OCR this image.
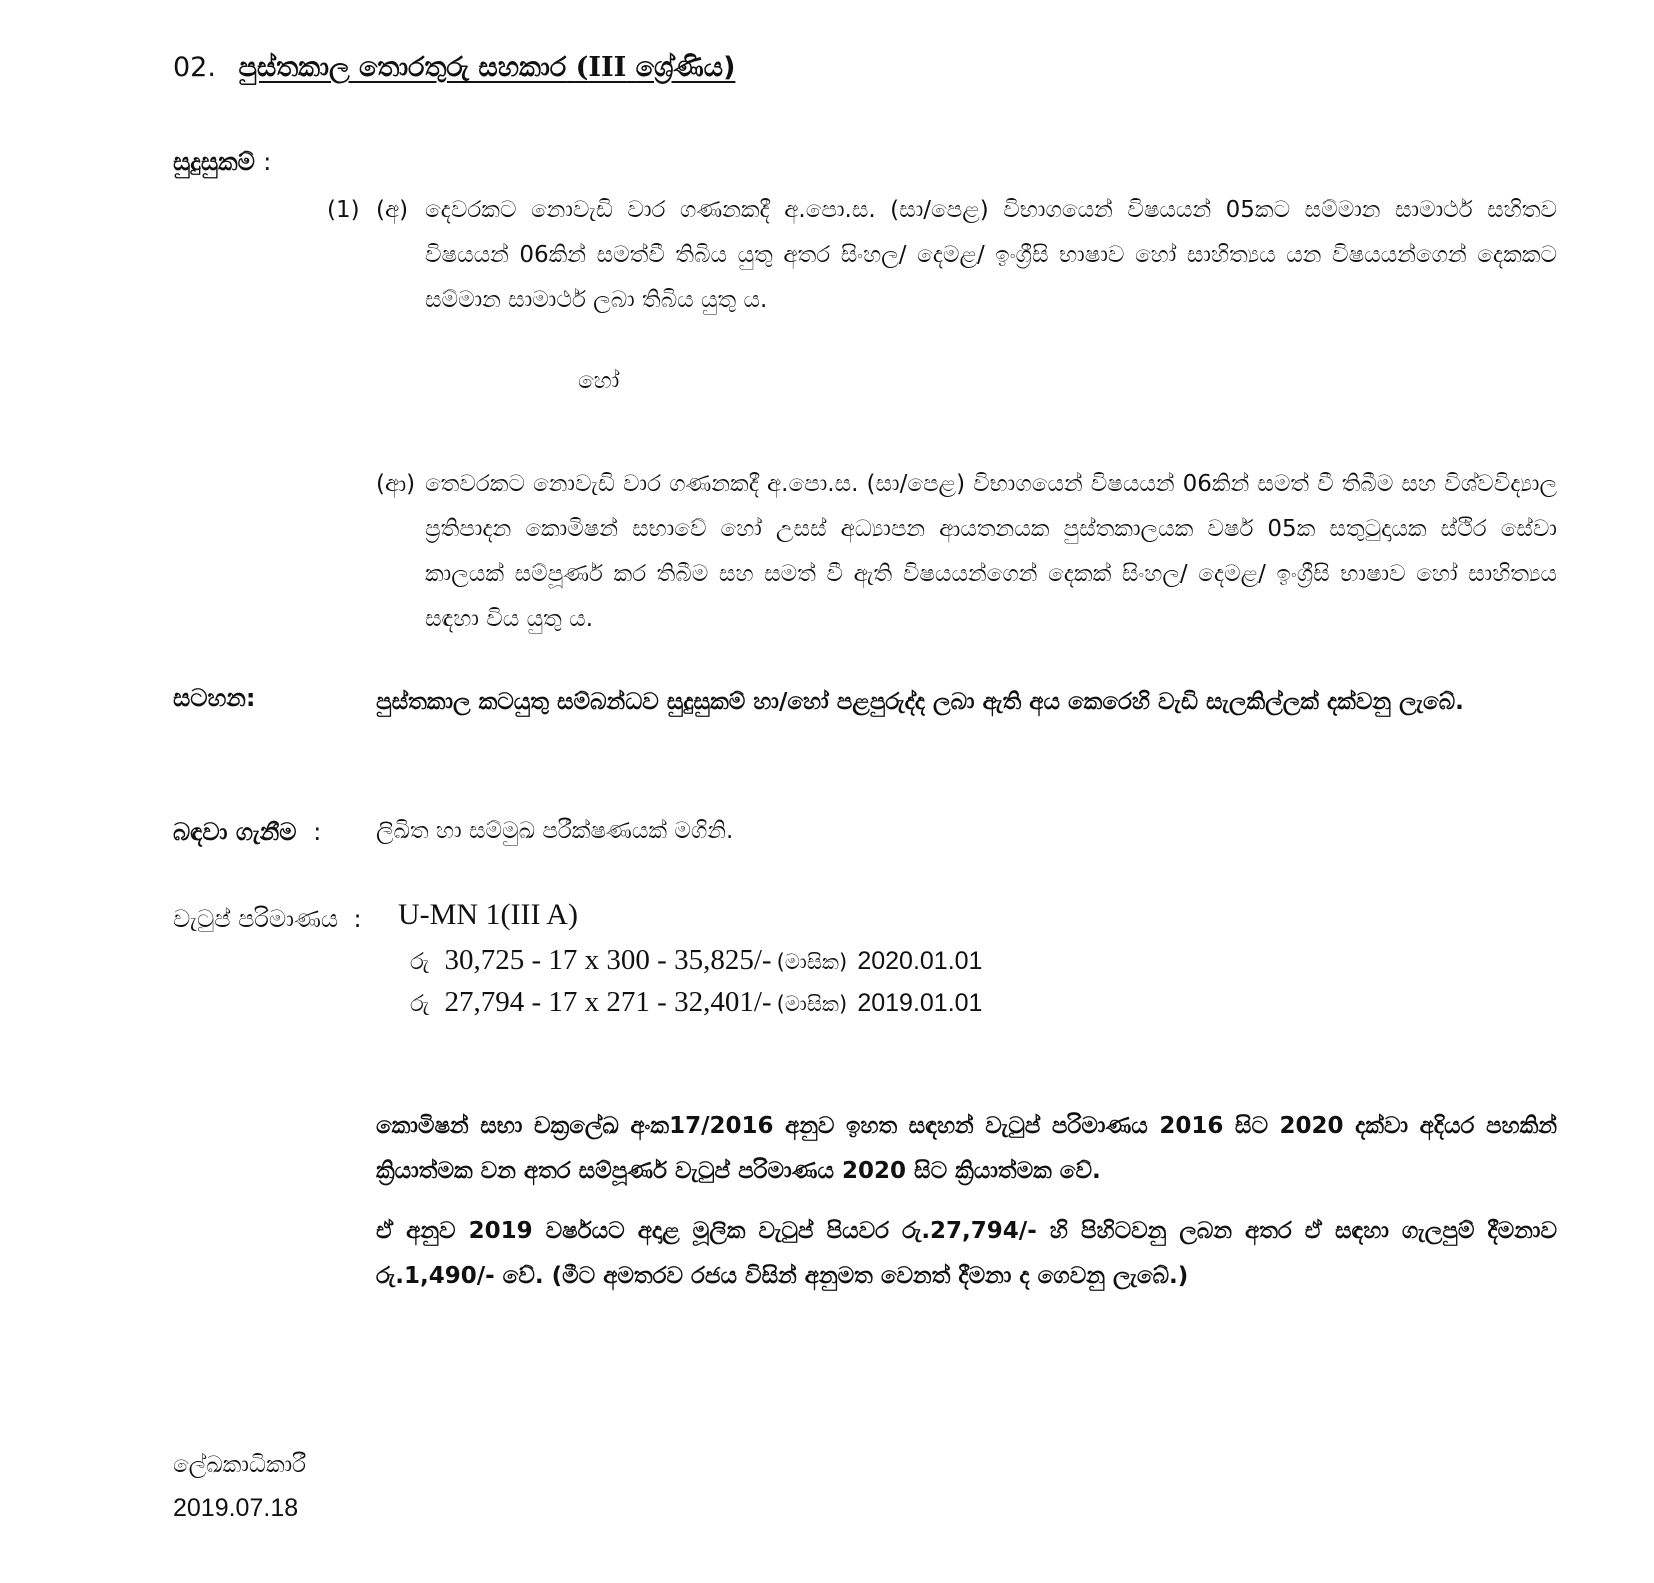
02. පුස්තකාල තොරතුරු සහකාර (III ශ්‍රේණිය)
සුදුසුකම් :
(1) (අ) දෙවරකට නොවැඩි වාර ගණනකදී අ.පො.ස. (සා/පෙළ) විභාගයෙන් විෂයයන් 05කට සම්මාන සාමාර්ථ සහිතව විෂයයන් 06කින් සමත්වී තිබිය යුතු අතර සිංහල/ දෙමළ/ ඉංග්‍රීසි භාෂාව හෝ සාහිත්‍යය යන විෂයයන්ගෙන් දෙකකට සම්මාන සාමාර්ථ ලබා තිබිය යුතු ය.
හෝ
(ආ) තෙවරකට නොවැඩි වාර ගණනකදී අ.පො.ස. (සා/පෙළ) විභාගයෙන් විෂයයන් 06කින් සමත් වී තිබීම සහ විශ්වවිද්‍යාල ප්‍රතිපාදන කොමිෂන් සභාවේ හෝ උසස් අධ්‍යාපන ආයතනයක පුස්තකාලයක වර්ෂ 05ක සතුටුදායක ස්ථිර සේවා කාලයක් සම්පූර්ණ කර තිබීම සහ සමත් වී ඇති විෂයයන්ගෙන් දෙකක් සිංහල/ දෙමළ/ ඉංග්‍රීසි භාෂාව හෝ සාහිත්‍යය සඳහා විය යුතු ය.
සටහන:	පුස්තකාල කටයුතු සම්බන්ධව සුදුසුකම් හා/හෝ පළපුරුද්ද ලබා ඇති අය කෙරෙහි වැඩි සැලකිල්ලක් දක්වනු ලැබේ.
බඳවා ගැනීම : ලිඛිත හා සම්මුඛ පරීක්ෂණයක් මගිනි.
වැටුප් පරිමාණය : U-MN 1(III A)
රු 30,725 - 17 x 300 - 35,825/- (මාසික) 2020.01.01
රු 27,794 - 17 x 271 - 32,401/- (මාසික) 2019.01.01
කොමිෂන් සභා චක්‍රලේඛ අංක17/2016 අනුව ඉහත සඳහන් වැටුප් පරිමාණය 2016 සිට 2020 දක්වා අදියර පහකින් ක්‍රියාත්මක වන අතර සම්පූර්ණ වැටුප් පරිමාණය 2020 සිට ක්‍රියාත්මක වේ.
ඒ අනුව 2019 වර්ෂයට අදාළ මූලික වැටුප් පියවර රු.27,794/- හි පිහිටවනු ලබන අතර ඒ සඳහා ගැලපුම් දීමනාව රු.1,490/- වේ. (මීට අමතරව රජය විසින් අනුමත වෙනත් දීමනා ද ගෙවනු ලැබේ.)
ලේඛකාධිකාරී
2019.07.18
